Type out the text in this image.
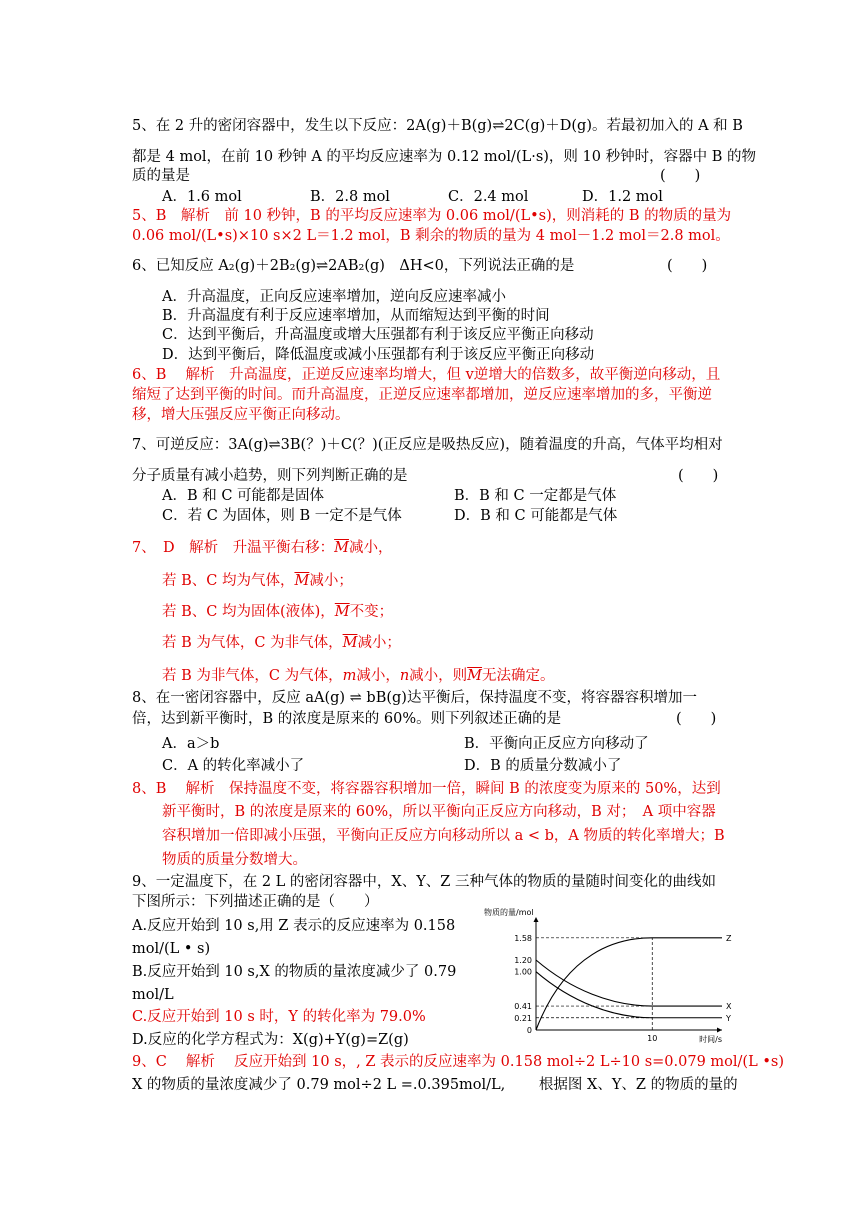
5、在 2 升的密闭容器中，发生以下反应：2A(g)＋B(g)⇌2C(g)＋D(g)。若最初加入的 A 和 B
都是 4 mol，在前 10 秒钟 A 的平均反应速率为 0.12 mol/(L·s)，则 10 秒钟时，容器中 B 的物
质的量是	(　　)
A．1.6 mol	B．2.8 mol	C．2.4 mol	D．1.2 mol
5、B　解析　前 10 秒钟，B 的平均反应速率为 0.06 mol/(L•s)，则消耗的 B 的物质的量为
0.06 mol/(L•s)×10 s×2 L＝1.2 mol，B 剩余的物质的量为 4 mol－1.2 mol＝2.8 mol。
6、已知反应 A₂(g)＋2B₂(g)⇌2AB₂(g)　ΔH<0，下列说法正确的是	(　　)
A．升高温度，正向反应速率增加，逆向反应速率减小
B．升高温度有利于反应速率增加，从而缩短达到平衡的时间
C．达到平衡后，升高温度或增大压强都有利于该反应平衡正向移动
D．达到平衡后，降低温度或减小压强都有利于该反应平衡正向移动
6、B　 解析　升高温度，正逆反应速率均增大，但 v逆增大的倍数多，故平衡逆向移动，且
缩短了达到平衡的时间。而升高温度，正逆反应速率都增加，逆反应速率增加的多，平衡逆
移，增大压强反应平衡正向移动。
7、可逆反应：3A(g)⇌3B(？)＋C(？)(正反应是吸热反应)，随着温度的升高，气体平均相对
分子质量有减小趋势，则下列判断正确的是	(　　)
A．B 和 C 可能都是固体	B．B 和 C 一定都是气体
C．若 C 为固体，则 B 一定不是气体	D．B 和 C 可能都是气体
7、　D　解析　升温平衡右移：$\overline{M}$减小，
若 B、C 均为气体，$\overline{M}$减小；
若 B、C 均为固体(液体)，$\overline{M}$不变；
若 B 为气体，C 为非气体，$\overline{M}$减小；
若 B 为非气体，C 为气体，m减小，n减小，则$\overline{M}$无法确定。
8、在一密闭容器中，反应 aA(g) ⇌ bB(g)达平衡后，保持温度不变，将容器容积增加一
倍，达到新平衡时，B 的浓度是原来的 60%。则下列叙述正确的是	(　　)
A．a＞b	B．平衡向正反应方向移动了
C．A 的转化率减小了	D．B 的质量分数减小了
8、B　 解析　保持温度不变，将容器容积增加一倍，瞬间 B 的浓度变为原来的 50%，达到
新平衡时，B 的浓度是原来的 60%，所以平衡向正反应方向移动，B 对；　A 项中容器
容积增加一倍即减小压强，平衡向正反应方向移动所以 a < b，A 物质的转化率增大；B
物质的质量分数增大。
9、一定温度下，在 2 L 的密闭容器中，X、Y、Z 三种气体的物质的量随时间变化的曲线如
下图所示：下列描述正确的是（　　）
A.反应开始到 10 s,用 Z 表示的反应速率为 0.158
mol/(L • s)
B.反应开始到 10 s,X 的物质的量浓度减少了 0.79
mol/L
C.反应开始到 10 s 时，Y 的转化率为 79.0%
D.反应的化学方程式为：X(g)+Y(g)=Z(g)
9、C　 解析　 反应开始到 10 s，, Z 表示的反应速率为 0.158 mol÷2 L÷10 s=0.079 mol/(L •s)
X 的物质的量浓度减少了 0.79 mol÷2 L =.0.395mol/L,　　 根据图 X、Y、Z 的物质的量的
物质的量/mol
1.58
1.20
1.00
0.41
0.21
0
10	时间/s
Z
X
Y
